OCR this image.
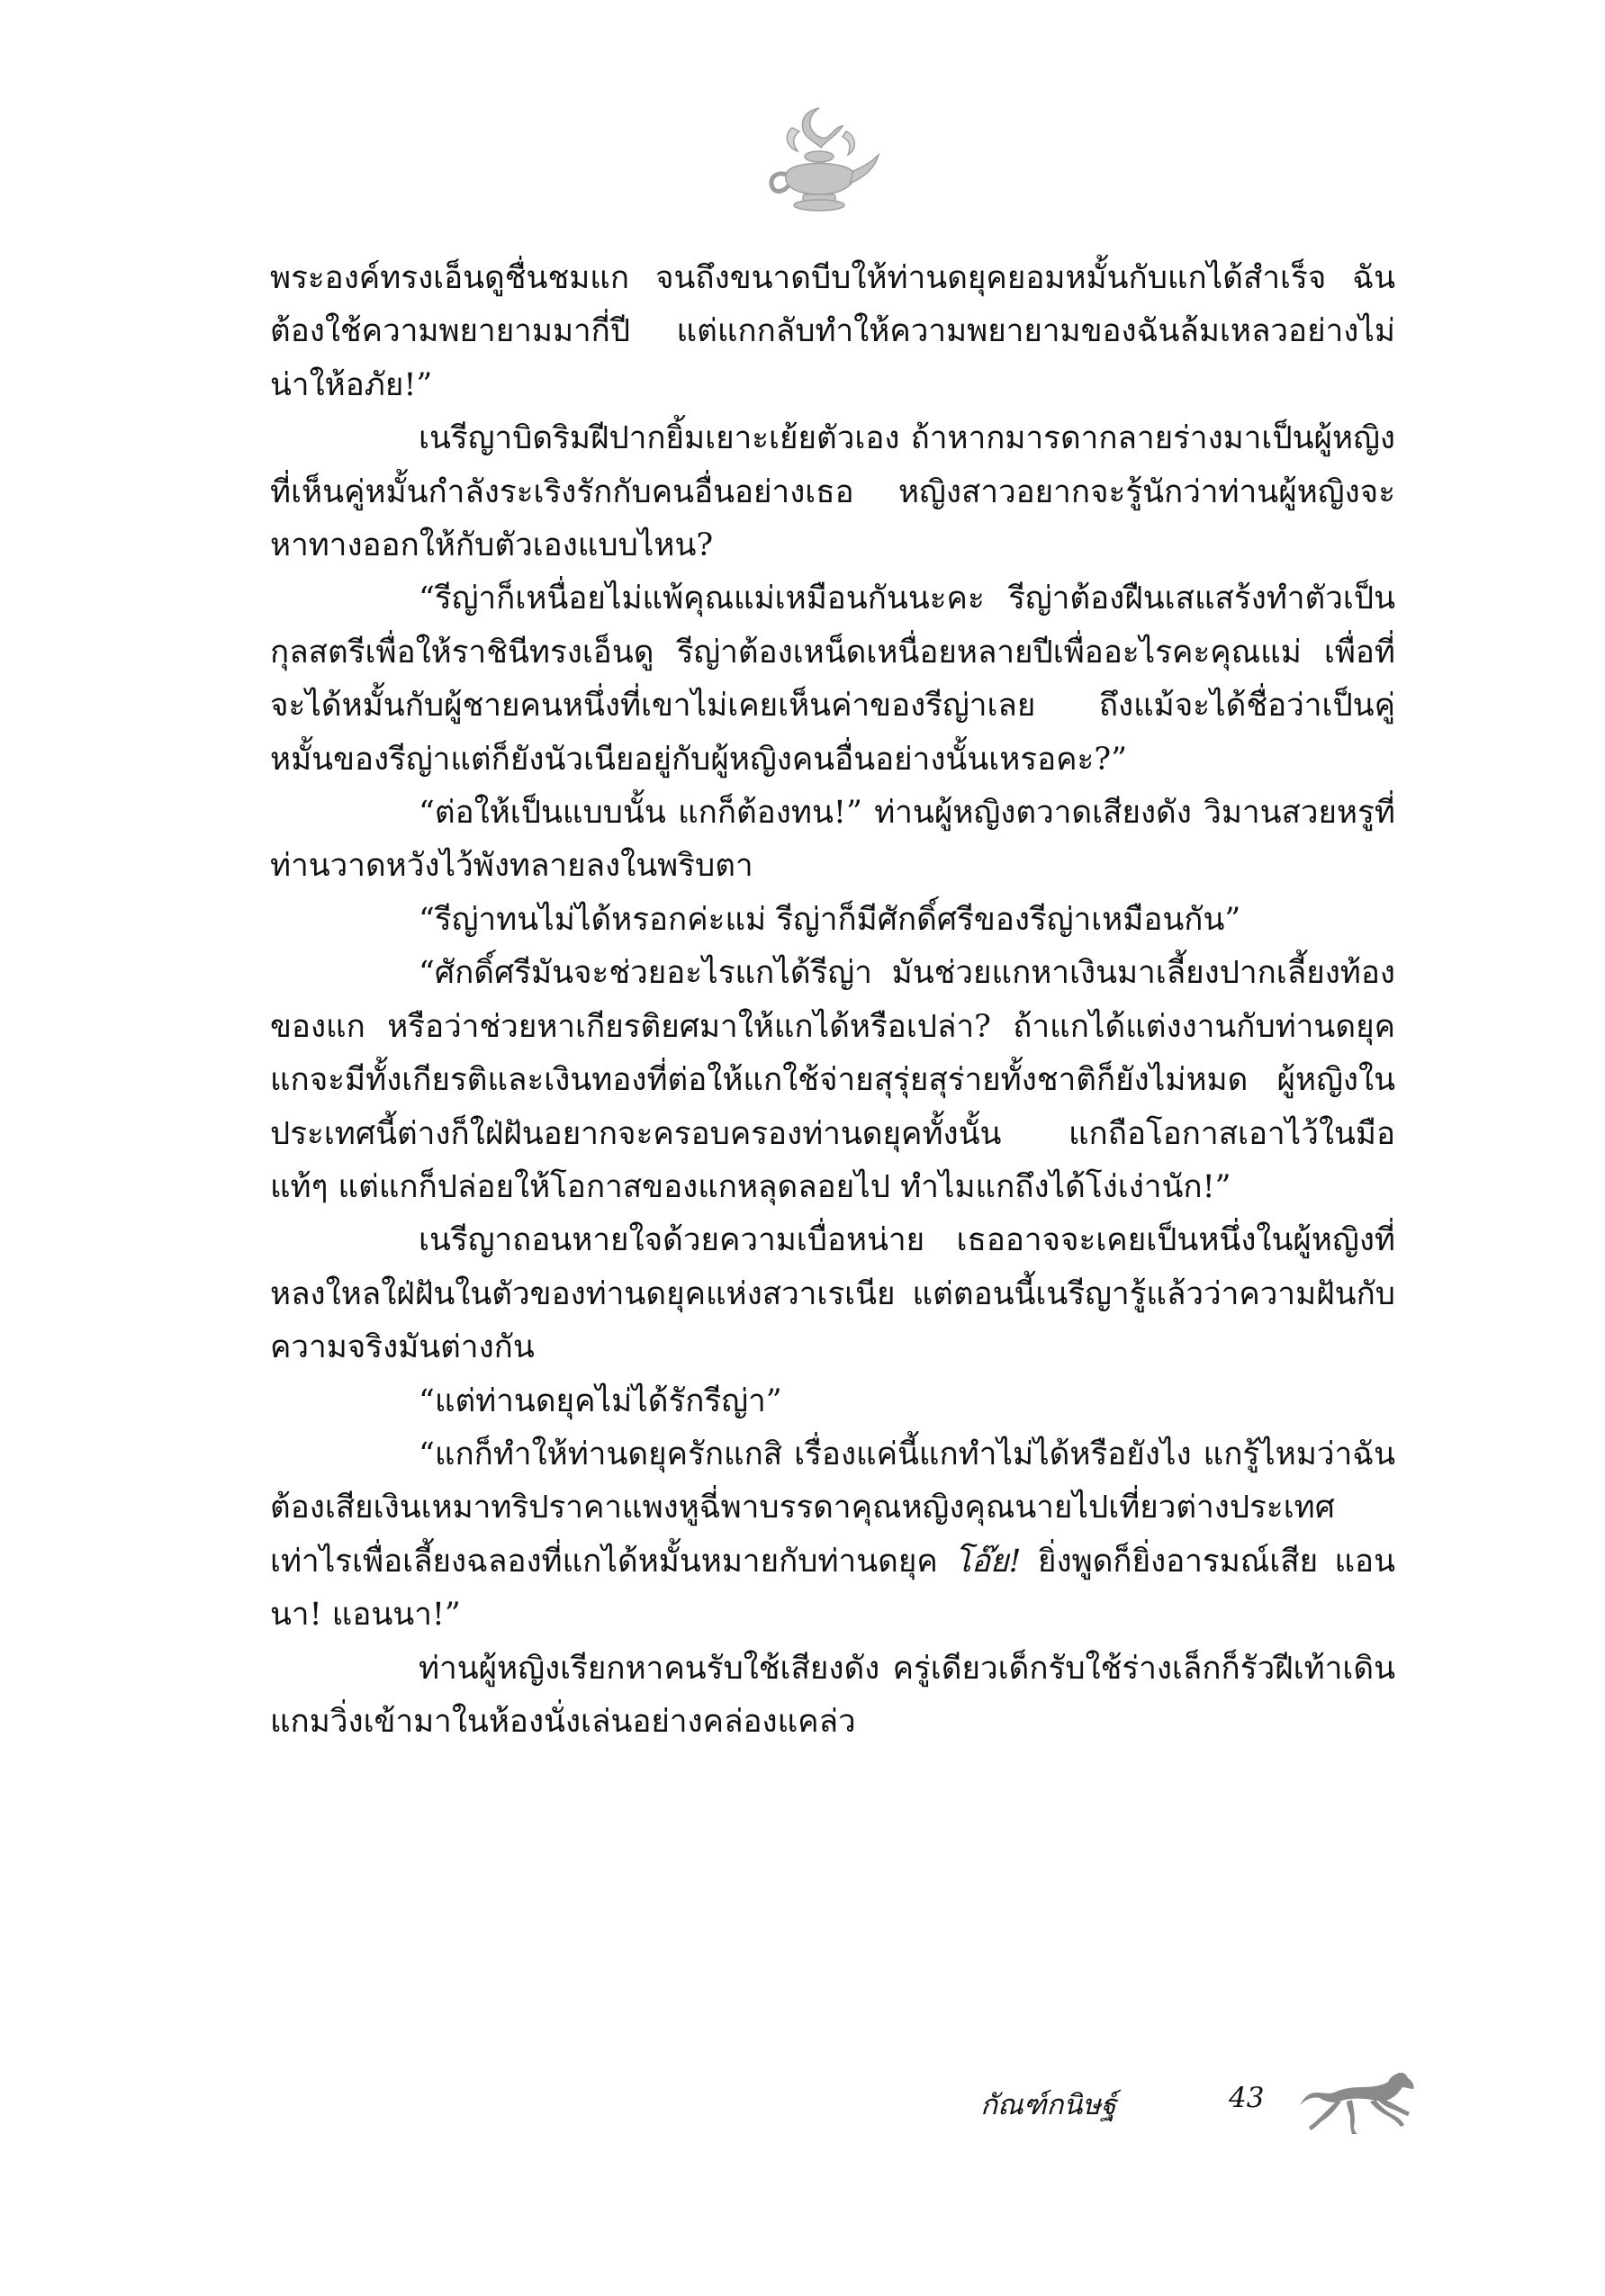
พระองค์ทรงเอ็นดูชื่นชมแก จนถึงขนาดบีบให้ท่านดยุคยอมหมั้นกับแกได้สำเร็จ ฉันต้องใช้ความพยายามมากี่ปี แต่แกกลับทำให้ความพยายามของฉันล้มเหลวอย่างไม่น่าให้อภัย!”

เนรีญาบิดริมฝีปากยิ้มเยาะเย้ยตัวเอง ถ้าหากมารดากลายร่างมาเป็นผู้หญิงที่เห็นคู่หมั้นกำลังระเริงรักกับคนอื่นอย่างเธอ หญิงสาวอยากจะรู้นักว่าท่านผู้หญิงจะหาทางออกให้กับตัวเองแบบไหน?

“รีญ่าก็เหนื่อยไม่แพ้คุณแม่เหมือนกันนะคะ รีญ่าต้องฝืนเสแสร้งทำตัวเป็นกุลสตรีเพื่อให้ราชินีทรงเอ็นดู รีญ่าต้องเหน็ดเหนื่อยหลายปีเพื่ออะไรคะคุณแม่ เพื่อที่จะได้หมั้นกับผู้ชายคนหนึ่งที่เขาไม่เคยเห็นค่าของรีญ่าเลย ถึงแม้จะได้ชื่อว่าเป็นคู่หมั้นของรีญ่าแต่ก็ยังนัวเนียอยู่กับผู้หญิงคนอื่นอย่างนั้นเหรอคะ?”

“ต่อให้เป็นแบบนั้น แกก็ต้องทน!” ท่านผู้หญิงตวาดเสียงดัง วิมานสวยหรูที่ท่านวาดหวังไว้พังทลายลงในพริบตา

“รีญ่าทนไม่ได้หรอกค่ะแม่ รีญ่าก็มีศักดิ์ศรีของรีญ่าเหมือนกัน”

“ศักดิ์ศรีมันจะช่วยอะไรแกได้รีญ่า มันช่วยแกหาเงินมาเลี้ยงปากเลี้ยงท้องของแก หรือว่าช่วยหาเกียรติยศมาให้แกได้หรือเปล่า? ถ้าแกได้แต่งงานกับท่านดยุค แกจะมีทั้งเกียรติและเงินทองที่ต่อให้แกใช้จ่ายสุรุ่ยสุร่ายทั้งชาติก็ยังไม่หมด ผู้หญิงในประเทศนี้ต่างก็ใฝ่ฝันอยากจะครอบครองท่านดยุคทั้งนั้น แกถือโอกาสเอาไว้ในมือแท้ๆ แต่แกก็ปล่อยให้โอกาสของแกหลุดลอยไป ทำไมแกถึงได้โง่เง่านัก!”

เนรีญาถอนหายใจด้วยความเบื่อหน่าย เธออาจจะเคยเป็นหนึ่งในผู้หญิงที่หลงใหลใฝ่ฝันในตัวของท่านดยุคแห่งสวาเรเนีย แต่ตอนนี้เนรีญารู้แล้วว่าความฝันกับความจริงมันต่างกัน

“แต่ท่านดยุคไม่ได้รักรีญ่า”

“แกก็ทำให้ท่านดยุครักแกสิ เรื่องแค่นี้แกทำไม่ได้หรือยังไง แกรู้ไหมว่าฉันต้องเสียเงินเหมาทริปราคาแพงหูฉี่พาบรรดาคุณหญิงคุณนายไปเที่ยวต่างประเทศเท่าไรเพื่อเลี้ยงฉลองที่แกได้หมั้นหมายกับท่านดยุค โอ๊ย! ยิ่งพูดก็ยิ่งอารมณ์เสีย แอนนา! แอนนา!”

ท่านผู้หญิงเรียกหาคนรับใช้เสียงดัง ครู่เดียวเด็กรับใช้ร่างเล็กก็รัวฝีเท้าเดินแกมวิ่งเข้ามาในห้องนั่งเล่นอย่างคล่องแคล่ว

กัณฑ์กนิษฐ์	43
